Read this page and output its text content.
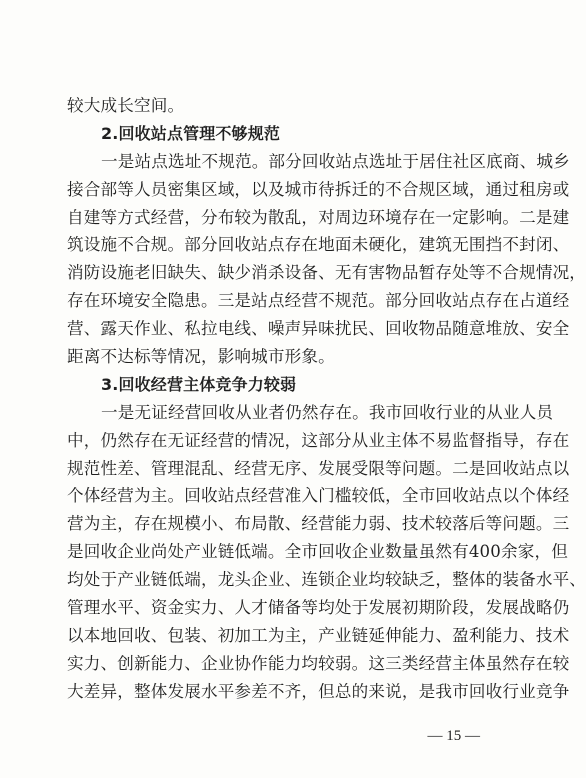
较大成长空间。
2.回收站点管理不够规范
一是站点选址不规范。部分回收站点选址于居住社区底商、城乡
接合部等人员密集区域，以及城市待拆迁的不合规区域，通过租房或
自建等方式经营，分布较为散乱，对周边环境存在一定影响。二是建
筑设施不合规。部分回收站点存在地面未硬化，建筑无围挡不封闭、
消防设施老旧缺失、缺少消杀设备、无有害物品暂存处等不合规情况，
存在环境安全隐患。三是站点经营不规范。部分回收站点存在占道经
营、露天作业、私拉电线、噪声异味扰民、回收物品随意堆放、安全
距离不达标等情况，影响城市形象。
3.回收经营主体竞争力较弱
一是无证经营回收从业者仍然存在。我市回收行业的从业人员
中，仍然存在无证经营的情况，这部分从业主体不易监督指导，存在
规范性差、管理混乱、经营无序、发展受限等问题。二是回收站点以
个体经营为主。回收站点经营准入门槛较低，全市回收站点以个体经
营为主，存在规模小、布局散、经营能力弱、技术较落后等问题。三
是回收企业尚处产业链低端。全市回收企业数量虽然有400余家，但
均处于产业链低端，龙头企业、连锁企业均较缺乏，整体的装备水平、
管理水平、资金实力、人才储备等均处于发展初期阶段，发展战略仍
以本地回收、包装、初加工为主，产业链延伸能力、盈利能力、技术
实力、创新能力、企业协作能力均较弱。这三类经营主体虽然存在较
大差异，整体发展水平参差不齐，但总的来说，是我市回收行业竞争
— 15 —
